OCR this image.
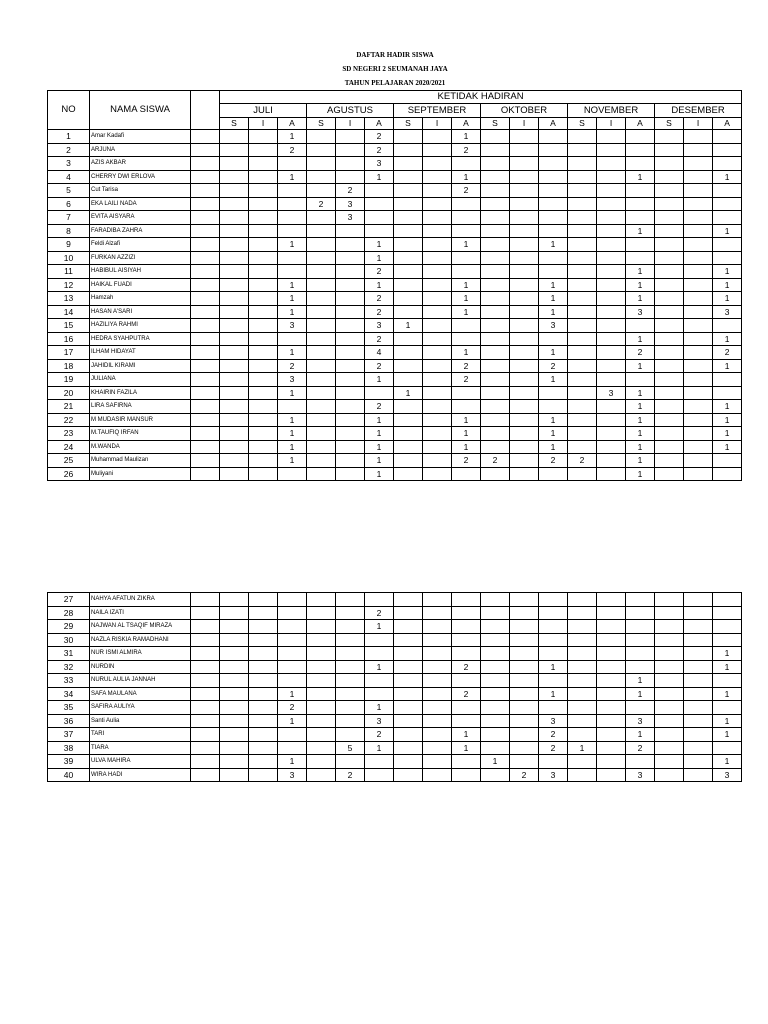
DAFTAR HADIR SISWA
SD NEGERI 2 SEUMANAH JAYA
TAHUN PELAJARAN 2020/2021
NO	NAMA SISWA		KETIDAK HADIRAN																	
			JULI			AGUSTUS			SEPTEMBER			OKTOBER			NOVEMBER			DESEMBER		
			S	I	A	S	I	A	S	I	A	S	I	A	S	I	A	S	I	A
1	Amar Kadafi				1			2			1									
2	ARJUNA				2			2			2									
3	AZIS AKBAR							3												
4	CHERRY DWI ERLOVA				1			1			1						1			1
5	Cut Tarisa						2				2									
6	EKA LAILI NADA					2	3													
7	EVITA AISYARA						3													
8	FARADIBA ZAHRA																1			1
9	Feldi Alzafi				1			1			1			1						
10	FURKAN AZZIZI							1												
11	HABIBUL AISIYAH							2									1			1
12	HAIKAL FUADI				1			1			1			1			1			1
13	Hamzah				1			2			1			1			1			1
14	HASAN A'SARI				1			2			1			1			3			3
15	HAZILIYA RAHMI				3			3	1					3						
16	HEDRA SYAHPUTRA							2									1			1
17	ILHAM HIDAYAT				1			4			1			1			2			2
18	JAHIDIL KIRAMI				2			2			2			2			1			1
19	JULIANA				3			1			2			1						
20	KHAIRIN FAZILA				1				1							3	1			
21	LIRA SAFIRNA							2									1			1
22	M MUDASIR MANSUR				1			1			1			1			1			1
23	M.TAUFIQ IRFAN				1			1			1			1			1			1
24	M.WANDA				1			1			1			1			1			1
25	Muhammad Maulizan				1			1			2	2		2	2		1			
26	Muliyani							1									1			
27	NAHYA AFATUN ZIKRA																			
28	NAILA IZATI							2												
29	NAJWAN AL TSAQIF MIRAZA							1												
30	NAZLA RISKIA RAMADHANI																			
31	NUR ISMI ALMIRA																			1
32	NURDIN							1			2			1						1
33	NURUL AULIA JANNAH																1			
34	SAFA MAULANA				1						2			1			1			1
35	SAFIRA AULIYA				2			1												
36	Santi Aulia				1			3						3			3			1
37	TARI							2			1			2			1			1
38	TIARA						5	1			1			2	1		2			
39	ULVA MAHIRA				1							1								1
40	WIRA HADI				3		2						2	3			3			3
